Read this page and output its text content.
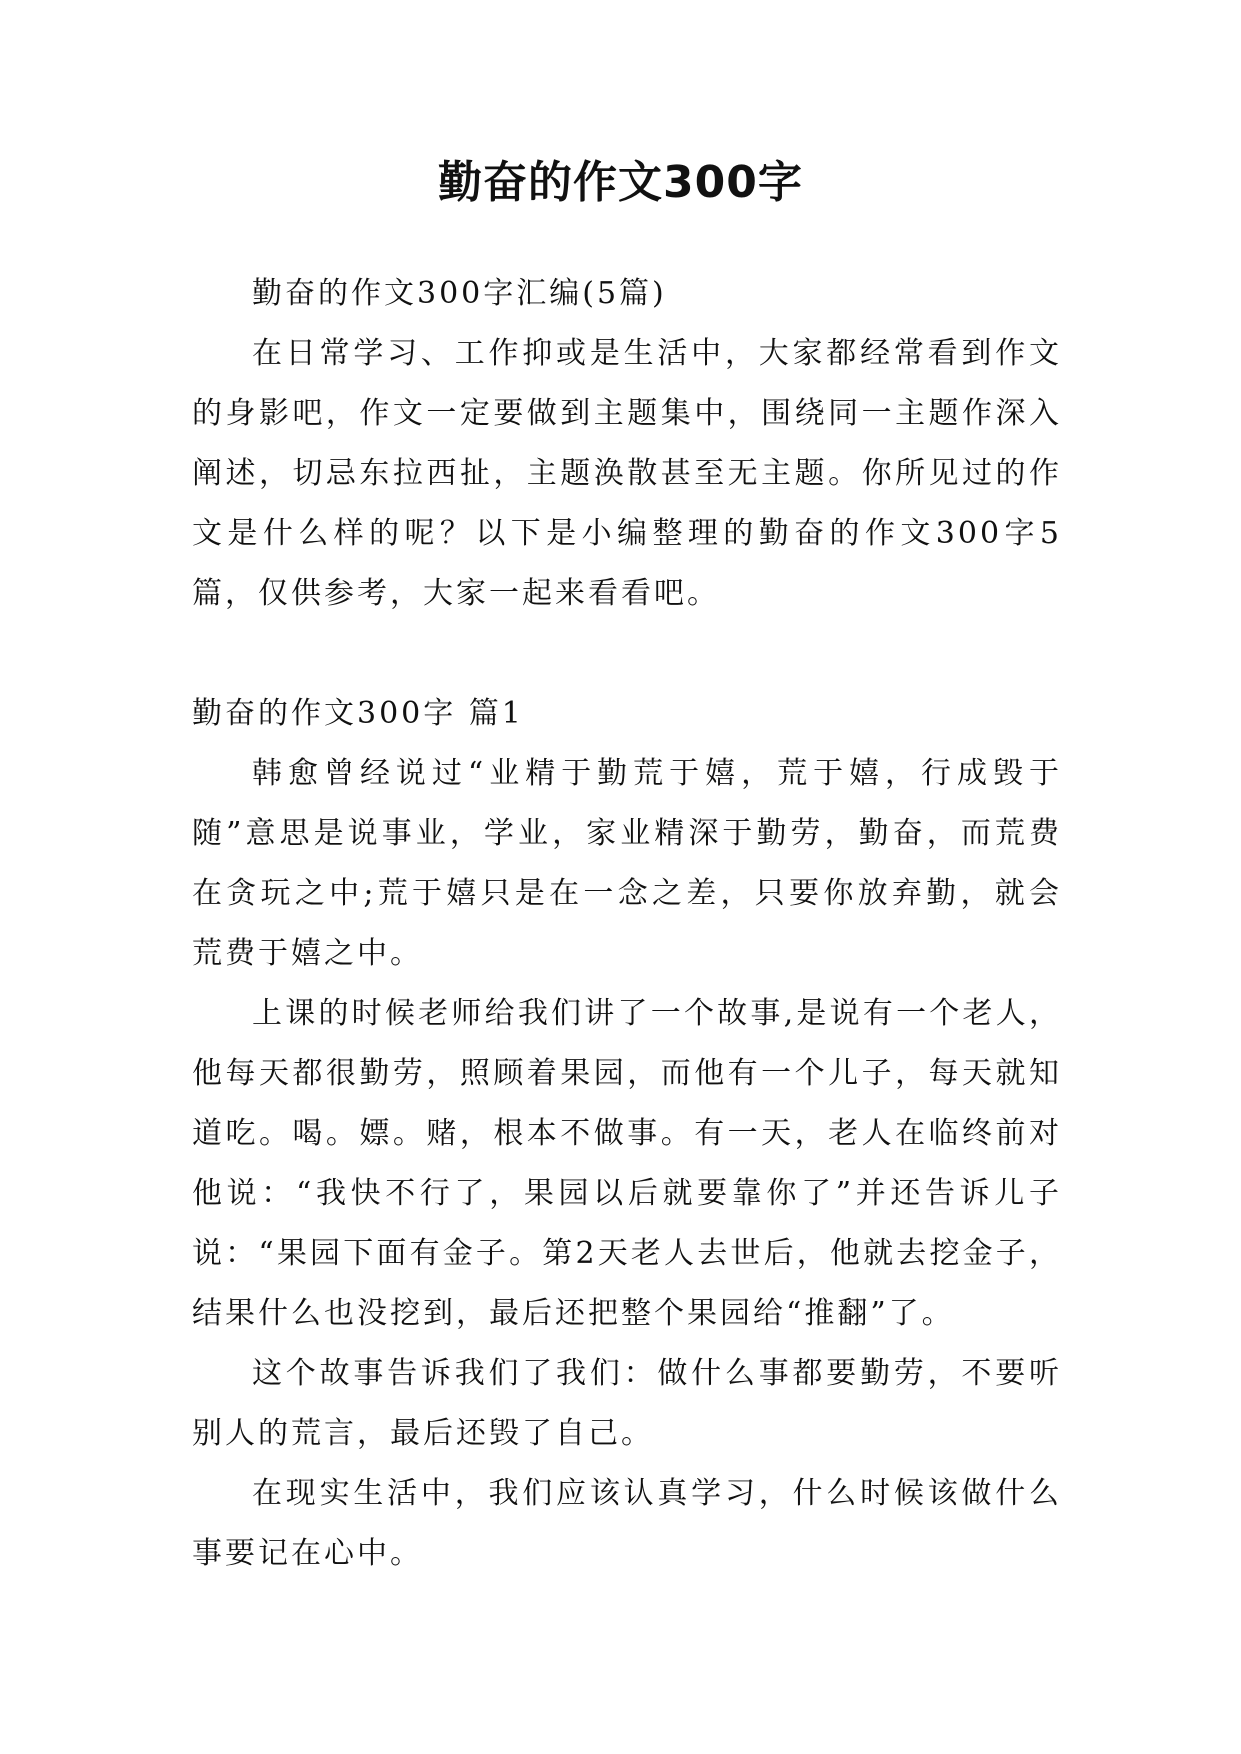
勤奋的作文300字

勤奋的作文300字汇编(5篇)

在日常学习、工作抑或是生活中，大家都经常看到作文的身影吧，作文一定要做到主题集中，围绕同一主题作深入阐述，切忌东拉西扯，主题涣散甚至无主题。你所见过的作文是什么样的呢？以下是小编整理的勤奋的作文300字5篇，仅供参考，大家一起来看看吧。

勤奋的作文300字 篇1

韩愈曾经说过“业精于勤荒于嬉，荒于嬉，行成毁于随”意思是说事业，学业，家业精深于勤劳，勤奋，而荒费在贪玩之中;荒于嬉只是在一念之差，只要你放弃勤，就会荒费于嬉之中。

上课的时候老师给我们讲了一个故事,是说有一个老人，他每天都很勤劳，照顾着果园，而他有一个儿子，每天就知道吃。喝。嫖。赌，根本不做事。有一天，老人在临终前对他说：“我快不行了，果园以后就要靠你了”并还告诉儿子说：“果园下面有金子。第2天老人去世后，他就去挖金子，结果什么也没挖到，最后还把整个果园给“推翻”了。

这个故事告诉我们了我们：做什么事都要勤劳，不要听别人的荒言，最后还毁了自己。

在现实生活中，我们应该认真学习，什么时候该做什么事要记在心中。
